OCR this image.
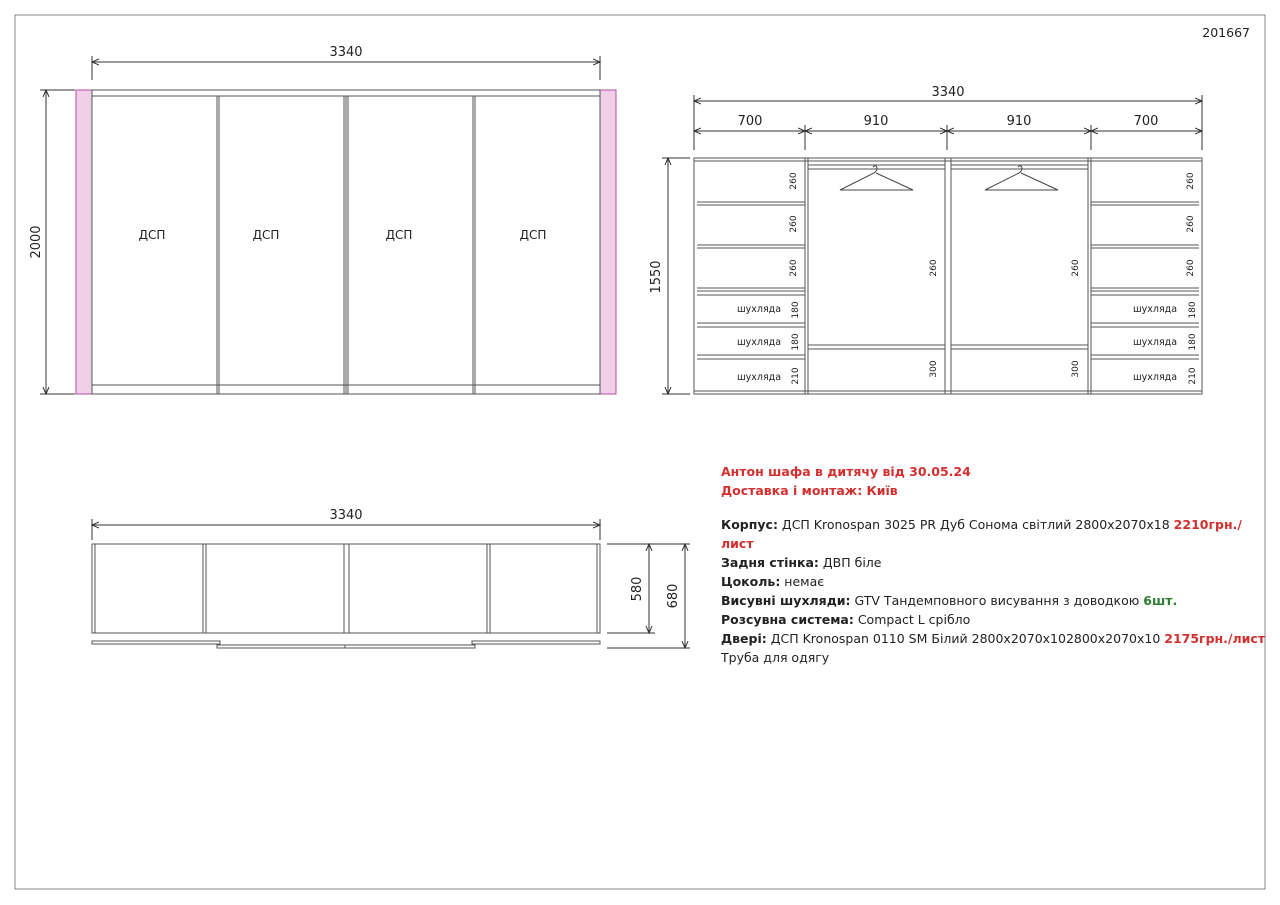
3340
2000	ДСП	ДСП	ДСП	ДСП
3340
700	910	910	700
1550
260
260
260
180
180
210
260
260
260
180
180
210
260	260
300	300
шухляда
шухляда
шухляда
шухляда
шухляда
шухляда
3340
580 680
201667
Антон шафа в дитячу від 30.05.24
Доставка і монтаж: Київ
Корпус: ДСП Kronospan 3025 PR Дуб Сонома світлий 2800x2070x18 2210грн./лист
Задня стінка: ДВП біле
Цоколь: немає
Висувні шухляди: GTV Тандемповного висування з доводкою 6шт.
Розсувна система: Compact L срібло
Двері: ДСП Kronospan 0110 SM Білий 2800x2070x102800x2070x10 2175грн./лист
Труба для одягу
